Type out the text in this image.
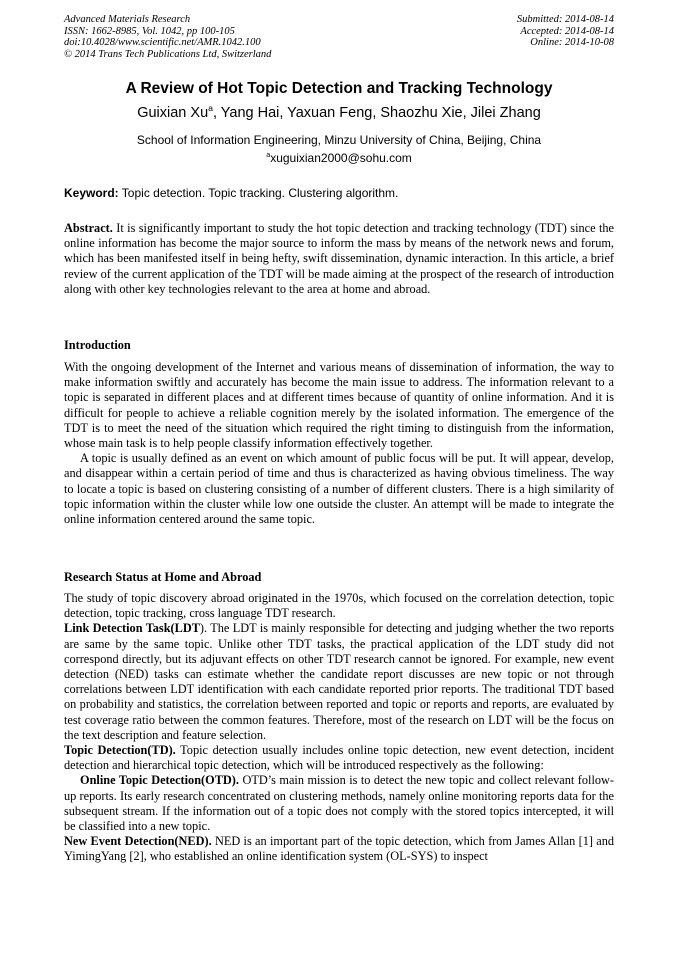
Advanced Materials Research
ISSN: 1662-8985, Vol. 1042, pp 100-105
doi:10.4028/www.scientific.net/AMR.1042.100
© 2014 Trans Tech Publications Ltd, Switzerland
Submitted: 2014-08-14
Accepted: 2014-08-14
Online: 2014-10-08
A Review of Hot Topic Detection and Tracking Technology
Guixian Xu$^a$, Yang Hai, Yaxuan Feng, Shaozhu Xie, Jilei Zhang
School of Information Engineering, Minzu University of China, Beijing, China
$^a$xuguixian2000@sohu.com
Keyword: Topic detection. Topic tracking. Clustering algorithm.

Abstract. It is significantly important to study the hot topic detection and tracking technology (TDT) since the online information has become the major source to inform the mass by means of the network news and forum, which has been manifested itself in being hefty, swift dissemination, dynamic interaction. In this article, a brief review of the current application of the TDT will be made aiming at the prospect of the research of introduction along with other key technologies relevant to the area at home and abroad.

Introduction

With the ongoing development of the Internet and various means of dissemination of information, the way to make information swiftly and accurately has become the main issue to address. The information relevant to a topic is separated in different places and at different times because of quantity of online information. And it is difficult for people to achieve a reliable cognition merely by the isolated information. The emergence of the TDT is to meet the need of the situation which required the right timing to distinguish from the information, whose main task is to help people classify information effectively together.

A topic is usually defined as an event on which amount of public focus will be put. It will appear, develop, and disappear within a certain period of time and thus is characterized as having obvious timeliness. The way to locate a topic is based on clustering consisting of a number of different clusters. There is a high similarity of topic information within the cluster while low one outside the cluster. An attempt will be made to integrate the online information centered around the same topic.

Research Status at Home and Abroad

The study of topic discovery abroad originated in the 1970s, which focused on the correlation detection, topic detection, topic tracking, cross language TDT research.

Link Detection Task(LDT). The LDT is mainly responsible for detecting and judging whether the two reports are same by the same topic. Unlike other TDT tasks, the practical application of the LDT study did not correspond directly, but its adjuvant effects on other TDT research cannot be ignored. For example, new event detection (NED) tasks can estimate whether the candidate report discusses are new topic or not through correlations between LDT identification with each candidate reported prior reports. The traditional TDT based on probability and statistics, the correlation between reported and topic or reports and reports, are evaluated by test coverage ratio between the common features. Therefore, most of the research on LDT will be the focus on the text description and feature selection.

Topic Detection(TD). Topic detection usually includes online topic detection, new event detection, incident detection and hierarchical topic detection, which will be introduced respectively as the following:

Online Topic Detection(OTD). OTD’s main mission is to detect the new topic and collect relevant follow-up reports. Its early research concentrated on clustering methods, namely online monitoring reports data for the subsequent stream. If the information out of a topic does not comply with the stored topics intercepted, it will be classified into a new topic.

New Event Detection(NED). NED is an important part of the topic detection, which from James Allan [1] and YimingYang [2], who established an online identification system (OL-SYS) to inspect
